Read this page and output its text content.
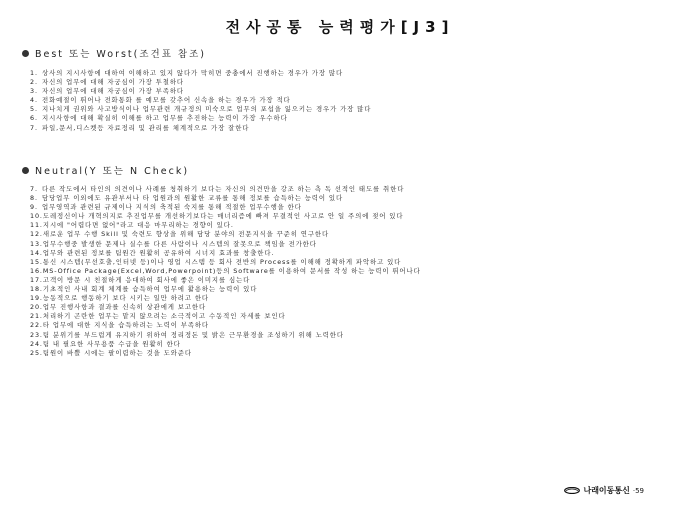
전사공통 능력평가[J3]
Best 또는 Worst(조건표 참조)
1. 상사의 지시사항에 대하여 이해하고 있지 않다가 막히면 중충에서 진행하는 경우가 가장 많다
2. 자신의 업무에 대해 자궁심이 가장 투철하다
3. 자신의 업무에 대해 자궁심이 가장 부족하다
4. 전화예절이 뛰어나 전화통화 를 예모를 갖추어 신속을 하는 경우가 가장 적다
5. 지나치게 권위와 사고방식이나 업무관련 개규정의 미숙으로 업무의 포섭을 잃으키는 경우가 가장 많다
6. 지시사항에 대해 확실히 이해를 하고 업무를 추진하는 능력이 가장 우수하다
7. 파일,문서,디스켓등 자료정리 및 관리를 체계적으로 가장 잘한다
Neutral(Y 또는 N Check)
7. 다른 작도에서 타인의 의견이나 사례를 청취하기 보다는 자신의 의견만을 강조 하는 측 독 선적인 태도를 취한다
8. 담당업무 이외에도 유관부서나 타 업원과의 원활한 교류를 통해 정보를 습득하는 능력이 있다
9. 업무영역과 관련된 규제이나 지식의 축적된 숙지를 통해 적절한 업무수행을 한다
10. 도레정신이나 개혁의지로 추진업무를 개선하기보다는 매너리즘에 빠져 무결적인 사고로 안 일 주의에 젖어 있다
11. 지시에 "어렵다면 없어"라고 대응 마무리하는 경향이 있다.
12. 새로운 업무 수행 Skill 및 숙련도 향상을 위해 담당 분야의 전문지식을 꾸준히 연구한다
13. 업무수행중 발생한 문제나 실수를 다른 사람이나 시스템의 잘못으로 책임을 전가한다
14. 업무와 관련된 정보를 팀원간 원활히 공유하여 시너지 효과를 창출한다.
15. 통신 시스템(무선호출,인터넷 등)이나 영업 시스템 등 회사 전반의 Process를 이해해 정확하게 파악하고 있다
16. MS-Office Package(Excel,Word,Powerpoint)등의 Software를 이용하여 문서를 작성 하는 능력이 뛰어나다
17. 고객이 방문 시 친절하게 응대하여 회사에 좋은 이미지를 심는다
18. 기초적인 사내 회계 체계를 습득하여 업무에 활용하는 능력이 있다
19. 능동적으로 행동하기 보다 시키는 일만 하려고 한다
20. 업무 진행사항과 결과를 신속히 상관에게 보고한다
21. 처리하기 곤란한 업무는 맡지 않으려는 소극적이고 수동적인 자세를 보인다
22. 타 업무에 대한 지식을 습득하려는 노력이 부족하다
23. 팀 분위기를 부드럽게 유지하기 위하여 정리정돈 및 밝은 근무환경을 조성하기 위해 노력한다
24. 팀 내 필요한 사무용품 수급을 원활히 한다
25. 팀원이 바쁠 시에는 팔이렴하는 것을 도와준다
나래이동통신 ·59
